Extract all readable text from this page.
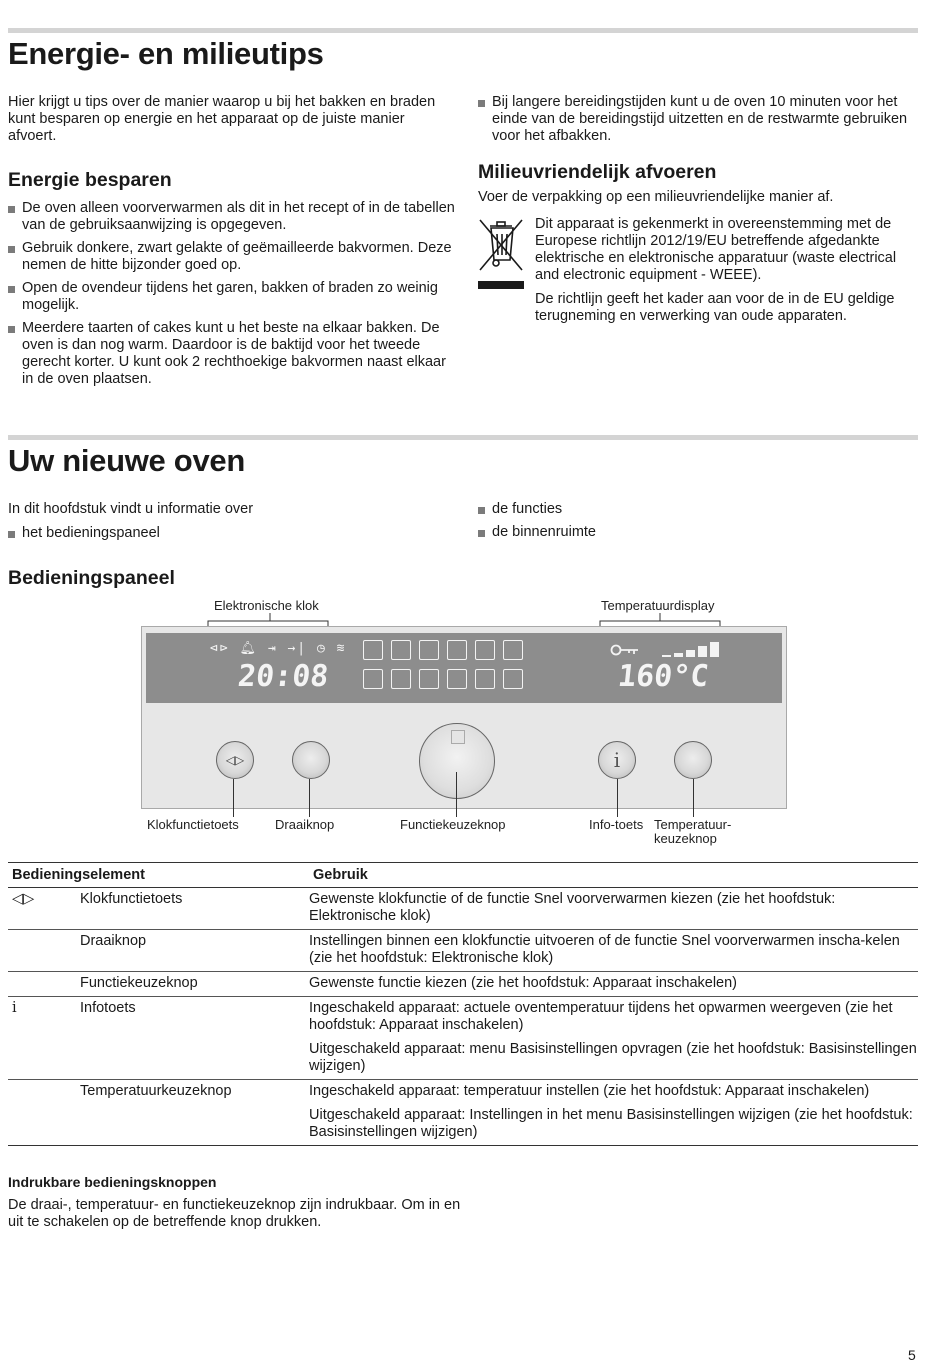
Energie- en milieutips

Hier krijgt u tips over de manier waarop u bij het bakken en braden kunt besparen op energie en het apparaat op de juiste manier afvoert.

Energie besparen
De oven alleen voorverwarmen als dit in het recept of in de tabellen van de gebruiksaanwijzing is opgegeven.
Gebruik donkere, zwart gelakte of geëmailleerde bakvormen. Deze nemen de hitte bijzonder goed op.
Open de ovendeur tijdens het garen, bakken of braden zo weinig mogelijk.
Meerdere taarten of cakes kunt u het beste na elkaar bakken. De oven is dan nog warm. Daardoor is de baktijd voor het tweede gerecht korter. U kunt ook 2 rechthoekige bakvormen naast elkaar in de oven plaatsen.
Bij langere bereidingstijden kunt u de oven 10 minuten voor het einde van de bereidingstijd uitzetten en de restwarmte gebruiken voor het afbakken.
Milieuvriendelijk afvoeren

Voer de verpakking op een milieuvriendelijke manier af.

Dit apparaat is gekenmerkt in overeenstemming met de Europese richtlijn 2012/19/EU betreffende afgedankte elektrische en elektronische apparatuur (waste electrical and electronic equipment - WEEE).

De richtlijn geeft het kader aan voor de in de EU geldige terugneming en verwerking van oude apparaten.

Uw nieuwe oven

In dit hoofdstuk vindt u informatie over

het bedieningspaneel
de functies
de binnenruimte
Bedieningspaneel
Elektronische klok	Temperatuurdisplay
⊲⊳ 🔔︎ ⇥ →| ◷ ≋
20:08	160°C
◁▷	i
Klokfunctietoets	Draaiknop	Functiekeuzeknop	Info-toets Temperatuur-
keuzeknop
Bedieningselement		Gebruik
◁▷	Klokfunctietoets	Gewenste klokfunctie of de functie Snel voorverwarmen kiezen (zie het hoofdstuk: Elektronische klok)
	Draaiknop	Instellingen binnen een klokfunctie uitvoeren of de functie Snel voorverwarmen inscha-kelen (zie het hoofdstuk: Elektronische klok)
	Functiekeuzeknop	Gewenste functie kiezen (zie het hoofdstuk: Apparaat inschakelen)
i	Infotoets	Ingeschakeld apparaat: actuele oventemperatuur tijdens het opwarmen weergeven (zie het hoofdstuk: Apparaat inschakelen)
Uitgeschakeld apparaat: menu Basisinstellingen opvragen (zie het hoofdstuk: Basisinstellingen wijzigen)

	Temperatuurkeuzeknop	Ingeschakeld apparaat: temperatuur instellen (zie het hoofdstuk: Apparaat inschakelen)
Uitgeschakeld apparaat: Instellingen in het menu Basisinstellingen wijzigen (zie het hoofdstuk: Basisinstellingen wijzigen)
Indrukbare bedieningsknoppen

De draai-, temperatuur- en functiekeuzeknop zijn indrukbaar. Om in en uit te schakelen op de betreffende knop drukken.

5
